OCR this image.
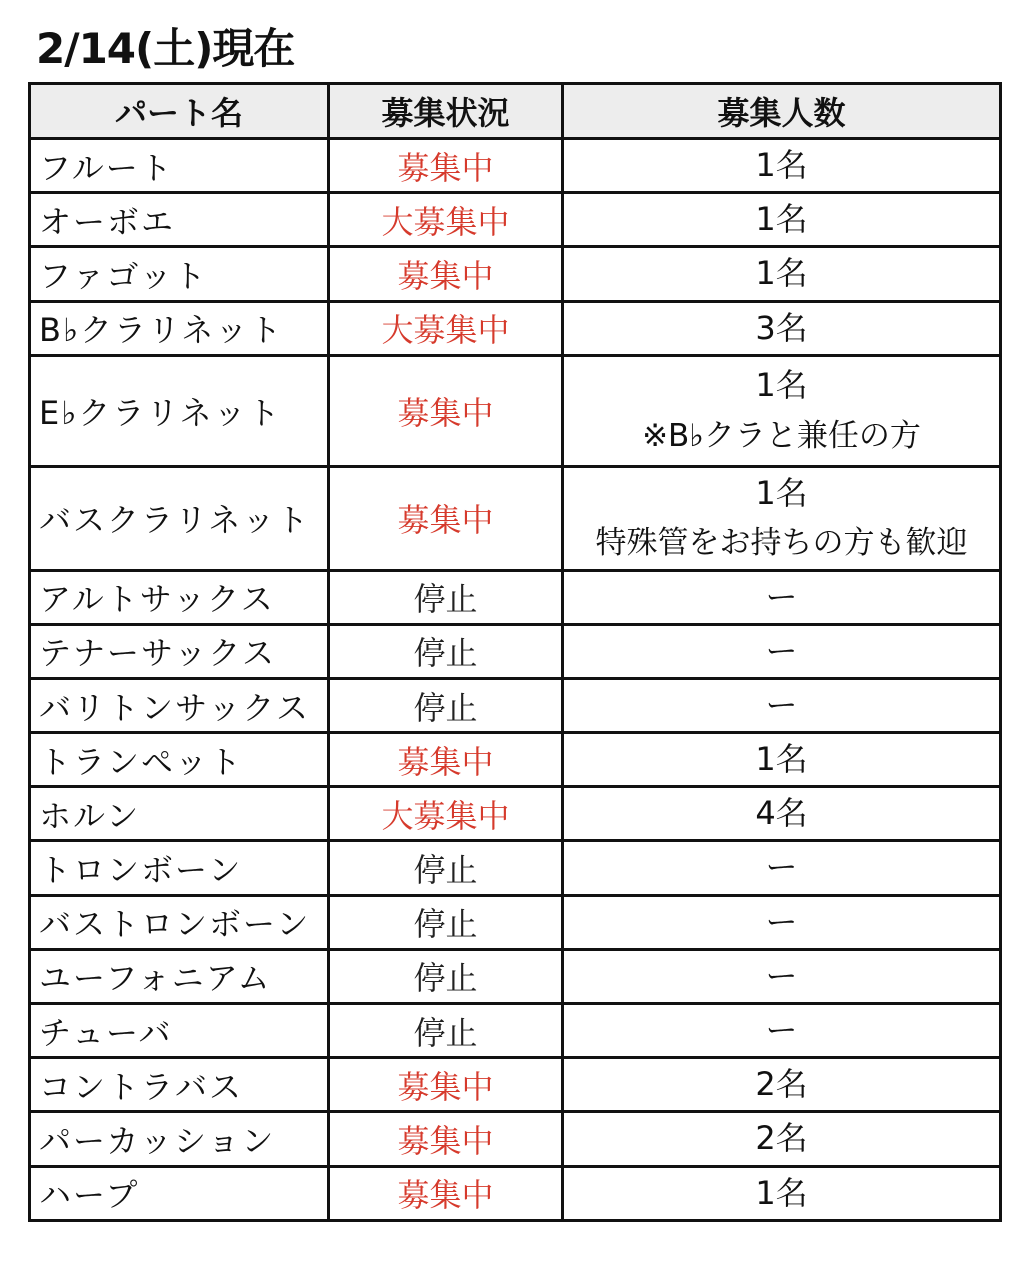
2/14(土)現在
パート名	募集状況	募集人数
フルート	募集中	1名

オーボエ	大募集中	1名

ファゴット	募集中	1名

B♭クラリネット	大募集中	3名

E♭クラリネット	募集中	1名
※B♭クラと兼任の方

バスクラリネット	募集中	1名
特殊管をお持ちの方も歓迎

アルトサックス	停止	ー

テナーサックス	停止	ー

バリトンサックス	停止	ー

トランペット	募集中	1名

ホルン	大募集中	4名

トロンボーン	停止	ー

バストロンボーン	停止	ー

ユーフォニアム	停止	ー

チューバ	停止	ー

コントラバス	募集中	2名

パーカッション	募集中	2名

ハープ	募集中	1名
